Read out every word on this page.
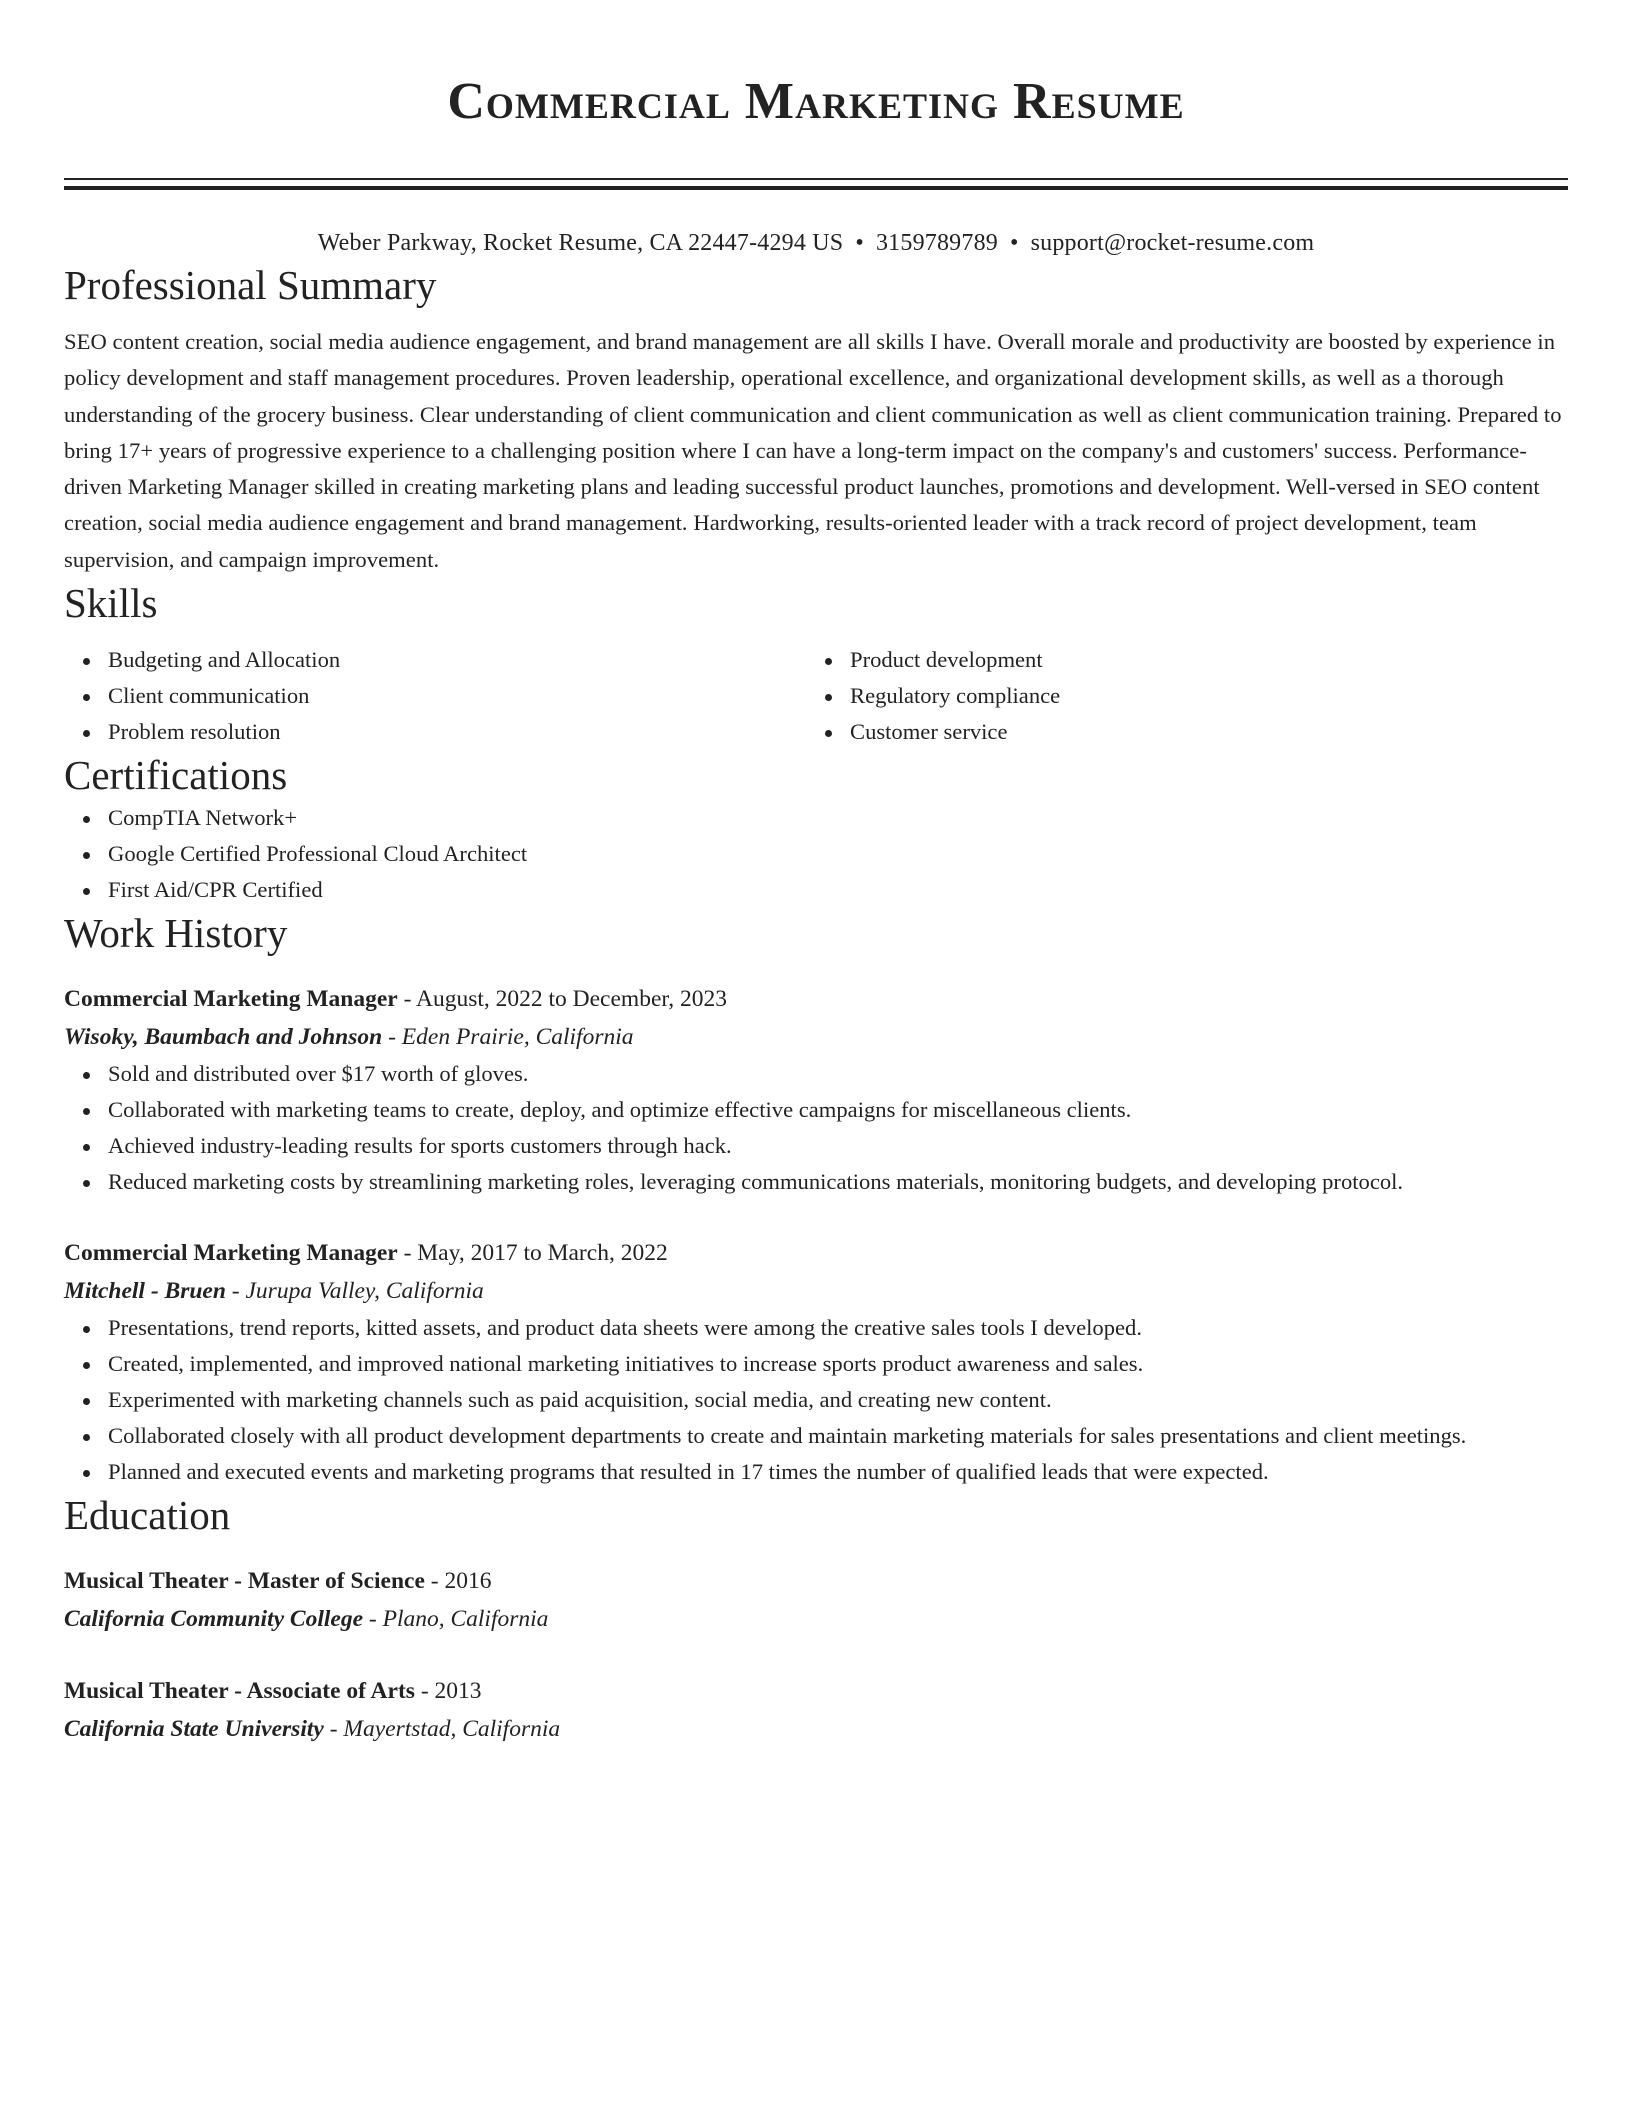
Commercial Marketing Resume
Weber Parkway, Rocket Resume, CA 22447-4294 US • 3159789789 • support@rocket-resume.com
Professional Summary
SEO content creation, social media audience engagement, and brand management are all skills I have. Overall morale and productivity are boosted by experience in policy development and staff management procedures. Proven leadership, operational excellence, and organizational development skills, as well as a thorough understanding of the grocery business. Clear understanding of client communication and client communication as well as client communication training. Prepared to bring 17+ years of progressive experience to a challenging position where I can have a long-term impact on the company's and customers' success. Performance-driven Marketing Manager skilled in creating marketing plans and leading successful product launches, promotions and development. Well-versed in SEO content creation, social media audience engagement and brand management. Hardworking, results-oriented leader with a track record of project development, team supervision, and campaign improvement.
Skills
Budgeting and Allocation
Client communication
Problem resolution
Product development
Regulatory compliance
Customer service
Certifications
CompTIA Network+
Google Certified Professional Cloud Architect
First Aid/CPR Certified
Work History
Commercial Marketing Manager - August, 2022 to December, 2023
Wisoky, Baumbach and Johnson - Eden Prairie, California
Sold and distributed over $17 worth of gloves.
Collaborated with marketing teams to create, deploy, and optimize effective campaigns for miscellaneous clients.
Achieved industry-leading results for sports customers through hack.
Reduced marketing costs by streamlining marketing roles, leveraging communications materials, monitoring budgets, and developing protocol.
Commercial Marketing Manager - May, 2017 to March, 2022
Mitchell - Bruen - Jurupa Valley, California
Presentations, trend reports, kitted assets, and product data sheets were among the creative sales tools I developed.
Created, implemented, and improved national marketing initiatives to increase sports product awareness and sales.
Experimented with marketing channels such as paid acquisition, social media, and creating new content.
Collaborated closely with all product development departments to create and maintain marketing materials for sales presentations and client meetings.
Planned and executed events and marketing programs that resulted in 17 times the number of qualified leads that were expected.
Education
Musical Theater - Master of Science - 2016
California Community College - Plano, California
Musical Theater - Associate of Arts - 2013
California State University - Mayertstad, California
